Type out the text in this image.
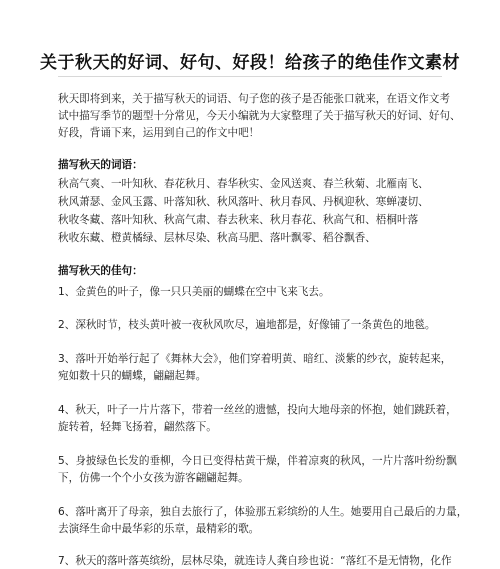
关于秋天的好词、好句、好段！给孩子的绝佳作文素材
秋天即将到来，关于描写秋天的词语、句子您的孩子是否能张口就来，在语文作文考
试中描写季节的题型十分常见，今天小编就为大家整理了关于描写秋天的好词、好句、
好段，背诵下来，运用到自己的作文中吧！
描写秋天的词语：
秋高气爽、一叶知秋、春花秋月、春华秋实、金风送爽、春兰秋菊、北雁南飞、
秋风萧瑟、金风玉露、叶落知秋、秋风落叶、秋月春风、丹枫迎秋、寒蝉凄切、
秋收冬藏、落叶知秋、秋高气肃、春去秋来、秋月春花、秋高气和、梧桐叶落
秋收东藏、橙黄橘绿、层林尽染、秋高马肥、落叶飘零、稻谷飘香、
描写秋天的佳句：
1、金黄色的叶子，像一只只美丽的蝴蝶在空中飞来飞去。
2、深秋时节，枝头黄叶被一夜秋风吹尽，遍地都是，好像铺了一条黄色的地毯。
3、落叶开始举行起了《舞林大会》，他们穿着明黄、暗红、淡紫的纱衣，旋转起来，
宛如数十只的蝴蝶，翩翩起舞。
4、秋天，叶子一片片落下，带着一丝丝的遗憾，投向大地母亲的怀抱，她们跳跃着，
旋转着，轻舞飞扬着，翩然落下。
5、身披绿色长发的垂柳，今日已变得枯黄干燥，伴着凉爽的秋风，一片片落叶纷纷飘
下，仿佛一个个小女孩为游客翩翩起舞。
6、落叶离开了母亲，独自去旅行了，体验那五彩缤纷的人生。她要用自己最后的力量，
去演绎生命中最华彩的乐章，最精彩的歌。
7、秋天的落叶落英缤纷，层林尽染，就连诗人龚自珍也说：“落红不是无情物，化作
